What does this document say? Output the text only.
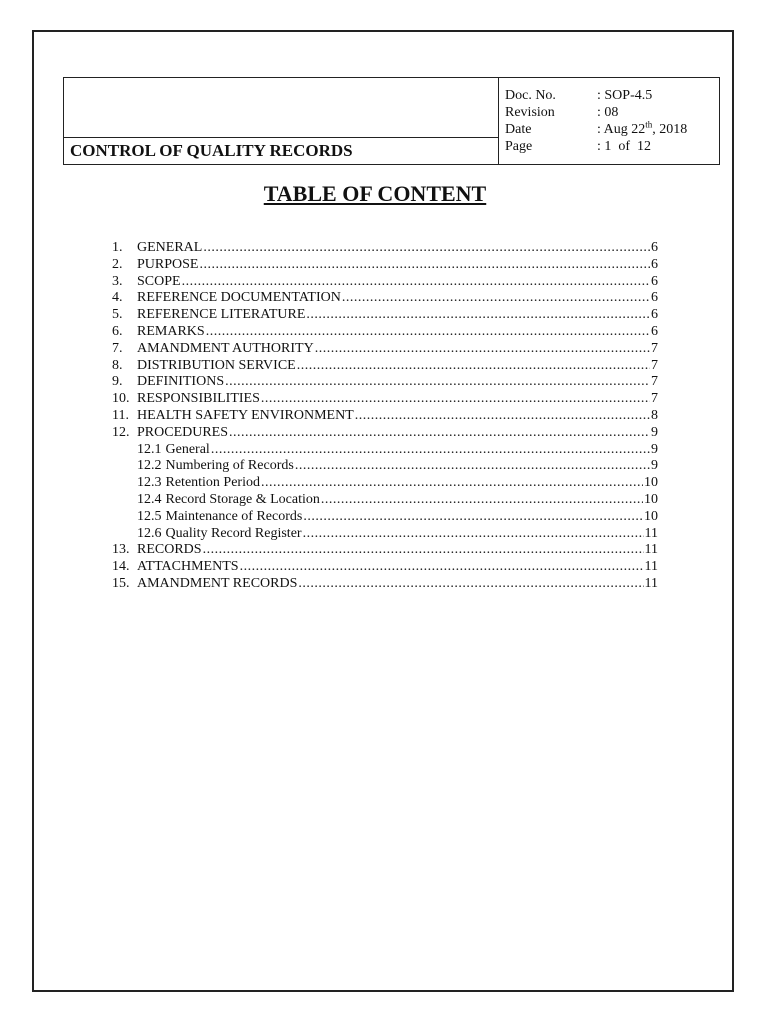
CONTROL OF QUALITY RECORDS
Doc. No.	: SOP-4.5
Revision	: 08
Date	: Aug 22th, 2018
Page	: 1  of  12
TABLE OF CONTENT
1.	GENERAL .....	6
2.	PURPOSE .....	6
3.	SCOPE .....	6
4.	REFERENCE DOCUMENTATION .....	6
5.	REFERENCE LITERATURE .....	6
6.	REMARKS .....	6
7.	AMANDMENT AUTHORITY .....	7
8.	DISTRIBUTION SERVICE .....	7
9.	DEFINITIONS .....	7
10. RESPONSIBILITIES .....	7
11. HEALTH SAFETY ENVIRONMENT .....	8
12. PROCEDURES .....	9
12.1 General .....	9
12.2 Numbering of Records .....	9
12.3 Retention Period .....	10
12.4 Record Storage & Location .....	10
12.5 Maintenance of Records .....	10
12.6 Quality Record Register .....	11
13. RECORDS .....	11
14. ATTACHMENTS .....	11
15. AMANDMENT RECORDS .....	11
